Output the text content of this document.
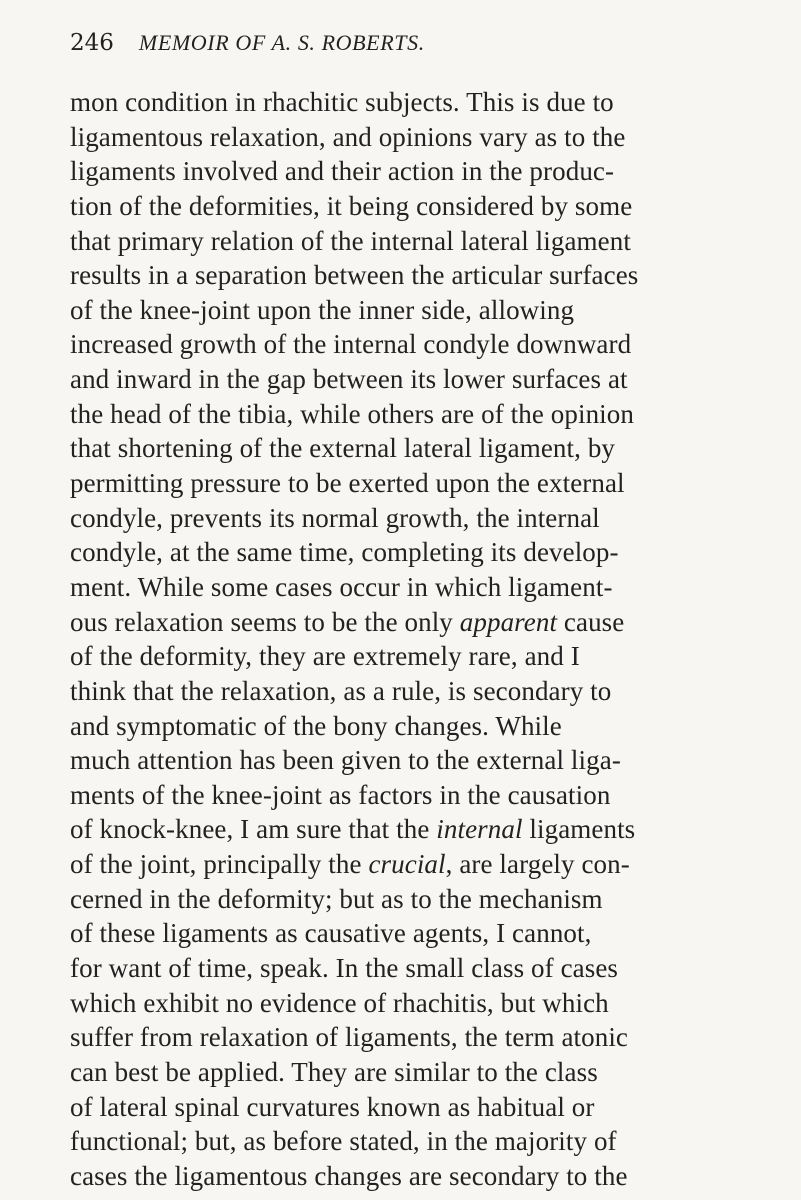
246 MEMOIR OF A. S. ROBERTS.
mon condition in rhachitic subjects. This is due to
ligamentous relaxation, and opinions vary as to the
ligaments involved and their action in the produc-
tion of the deformities, it being considered by some
that primary relation of the internal lateral ligament
results in a separation between the articular surfaces
of the knee-joint upon the inner side, allowing
increased growth of the internal condyle downward
and inward in the gap between its lower surfaces at
the head of the tibia, while others are of the opinion
that shortening of the external lateral ligament, by
permitting pressure to be exerted upon the external
condyle, prevents its normal growth, the internal
condyle, at the same time, completing its develop-
ment. While some cases occur in which ligament-
ous relaxation seems to be the only apparent cause
of the deformity, they are extremely rare, and I
think that the relaxation, as a rule, is secondary to
and symptomatic of the bony changes. While
much attention has been given to the external liga-
ments of the knee-joint as factors in the causation
of knock-knee, I am sure that the internal ligaments
of the joint, principally the crucial, are largely con-
cerned in the deformity; but as to the mechanism
of these ligaments as causative agents, I cannot,
for want of time, speak. In the small class of cases
which exhibit no evidence of rhachitis, but which
suffer from relaxation of ligaments, the term atonic
can best be applied. They are similar to the class
of lateral spinal curvatures known as habitual or
functional; but, as before stated, in the majority of
cases the ligamentous changes are secondary to the
